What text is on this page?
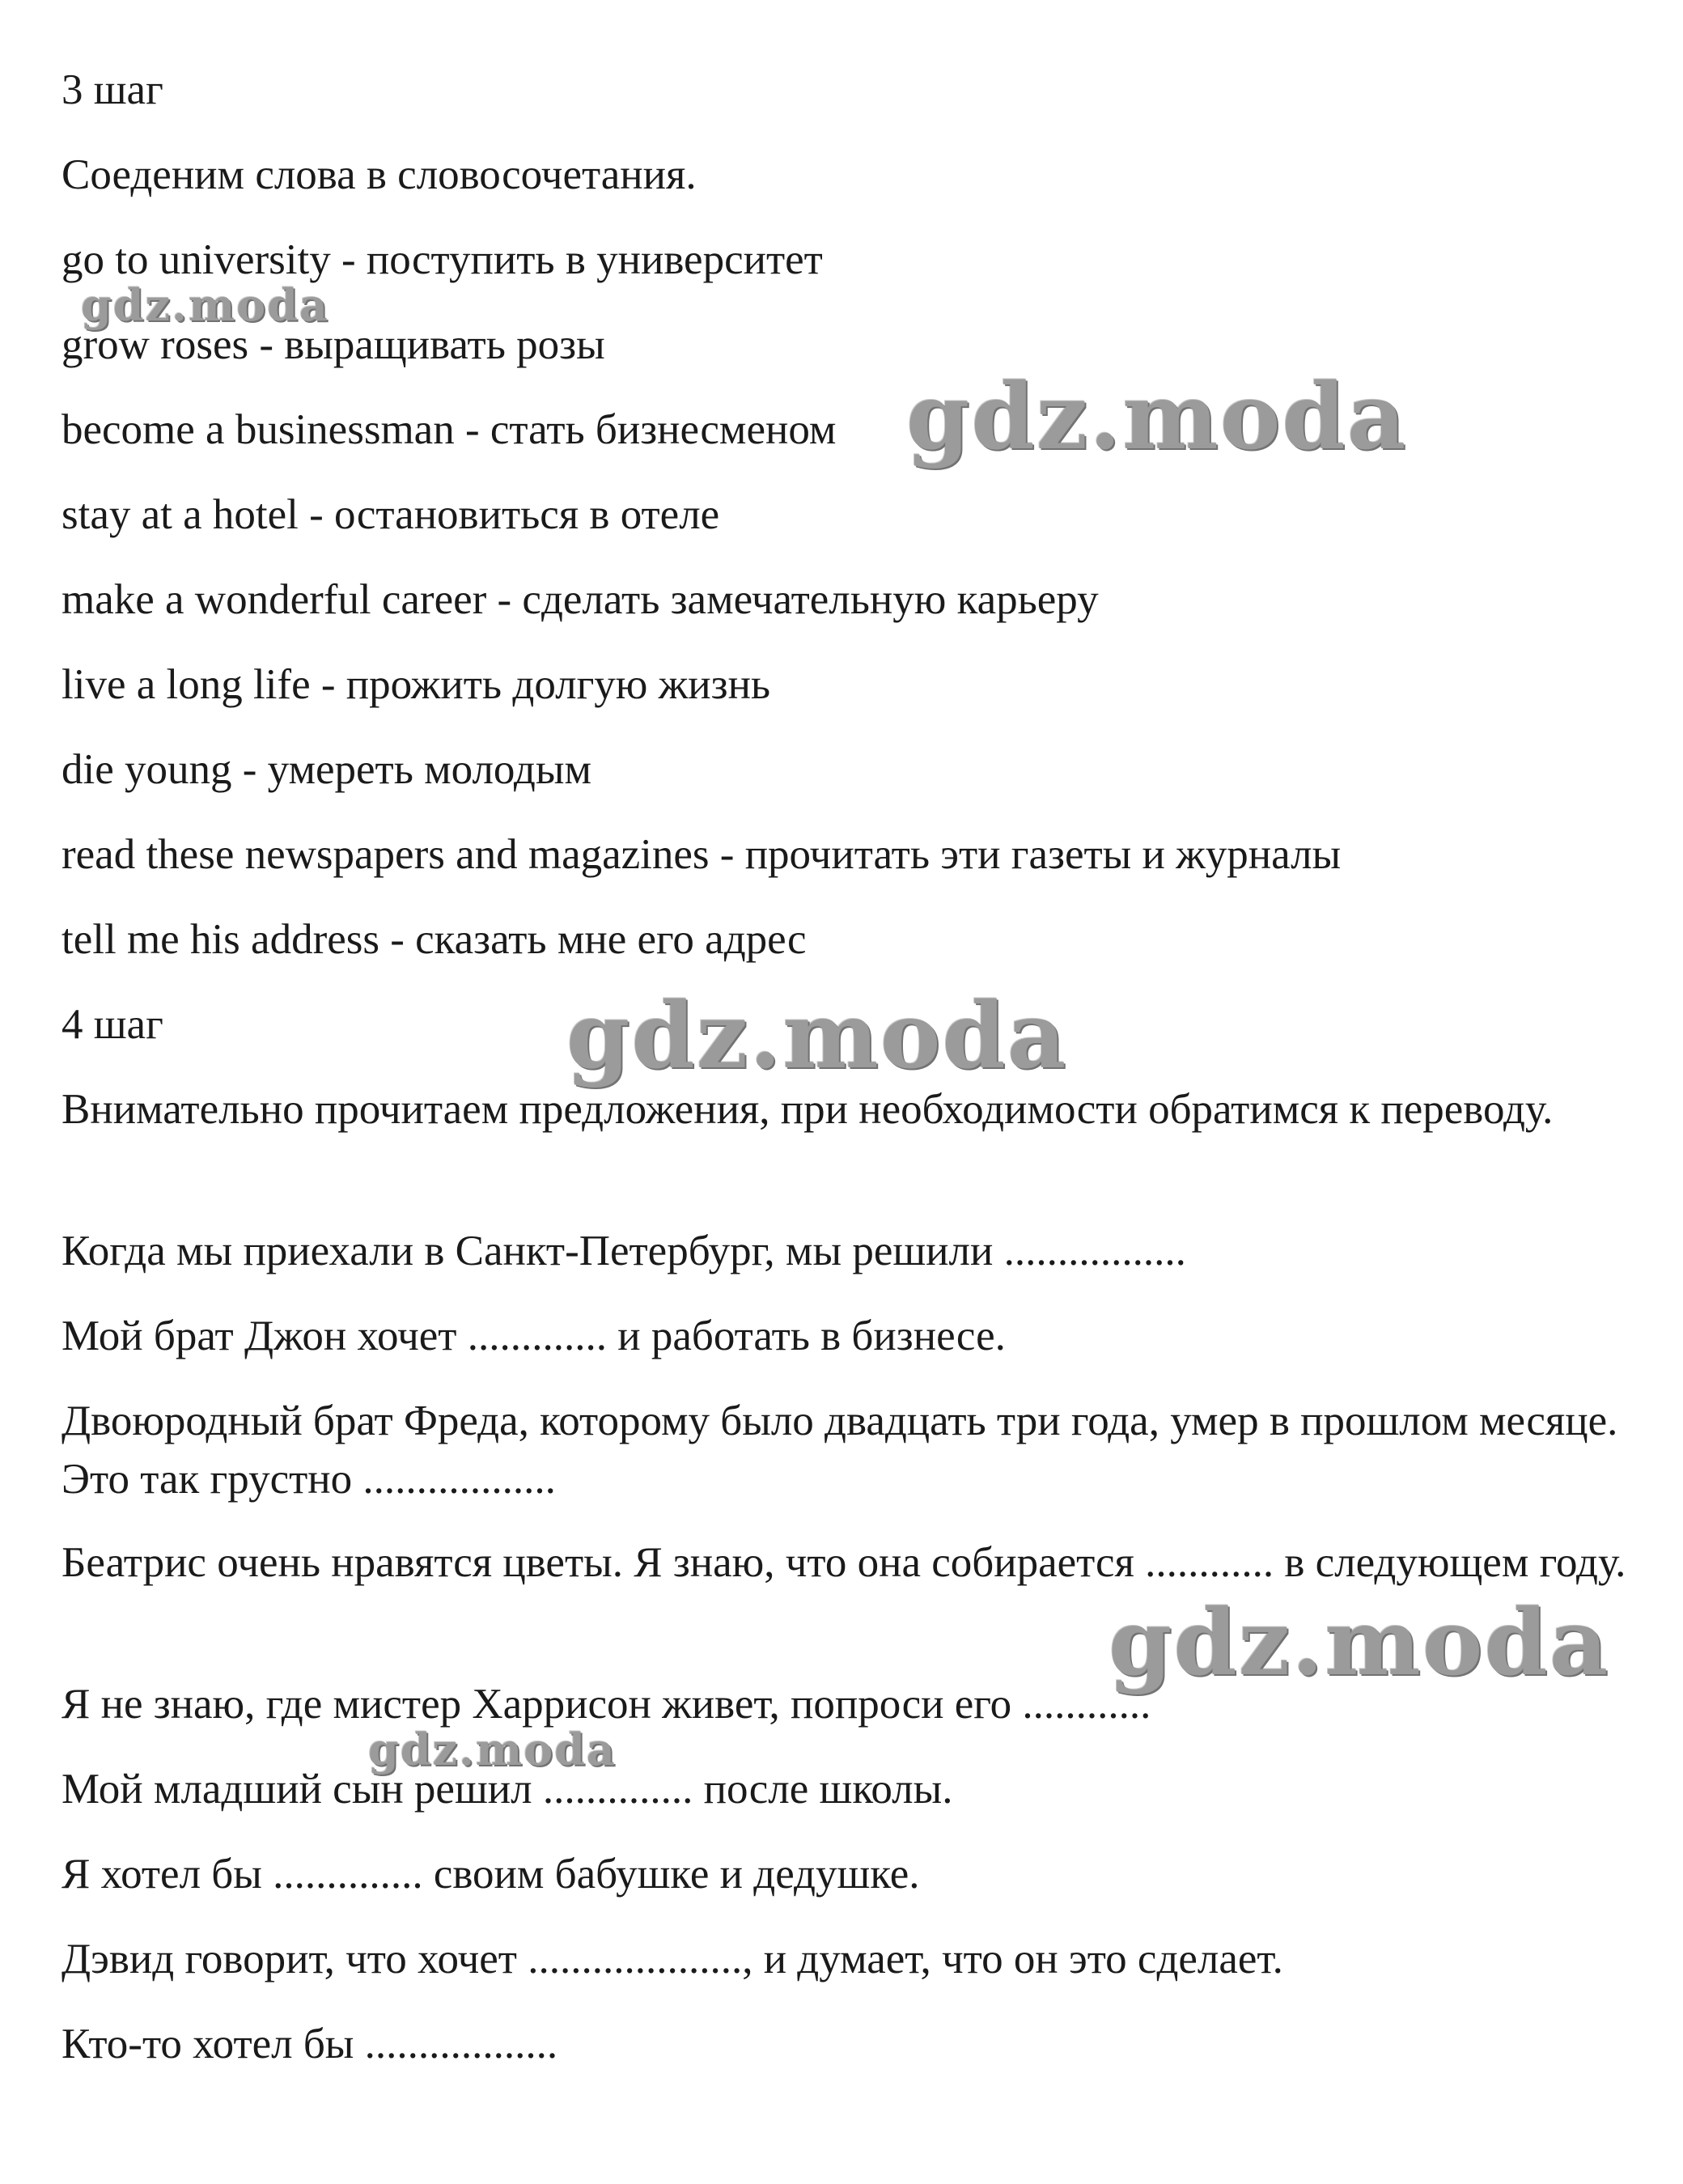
3 шаг
Соеденим слова в словосочетания.
go to university - поступить в университет
grow roses - выращивать розы
become a businessman - стать бизнесменом
stay at a hotel - остановиться в отеле
make a wonderful career - сделать замечательную карьеру
live a long life - прожить долгую жизнь
die young - умереть молодым
read these newspapers and magazines - прочитать эти газеты и журналы
tell me his address - сказать мне его адрес
4 шаг
Внимательно прочитаем предложения, при необходимости обратимся к переводу.
Когда мы приехали в Санкт-Петербург, мы решили .................
Мой брат Джон хочет ............. и работать в бизнесе.
Двоюродный брат Фреда, которому было двадцать три года, умер в прошлом месяце. Это так грустно ..................
Беатрис очень нравятся цветы. Я знаю, что она собирается ............ в следующем году.
Я не знаю, где мистер Харрисон живет, попроси его ............
Мой младший сын решил .............. после школы.
Я хотел бы .............. своим бабушке и дедушке.
Дэвид говорит, что хочет ...................., и думает, что он это сделает.
Кто-то хотел бы ..................
gdz.moda
gdz.moda
gdz.moda
gdz.moda
gdz.moda
